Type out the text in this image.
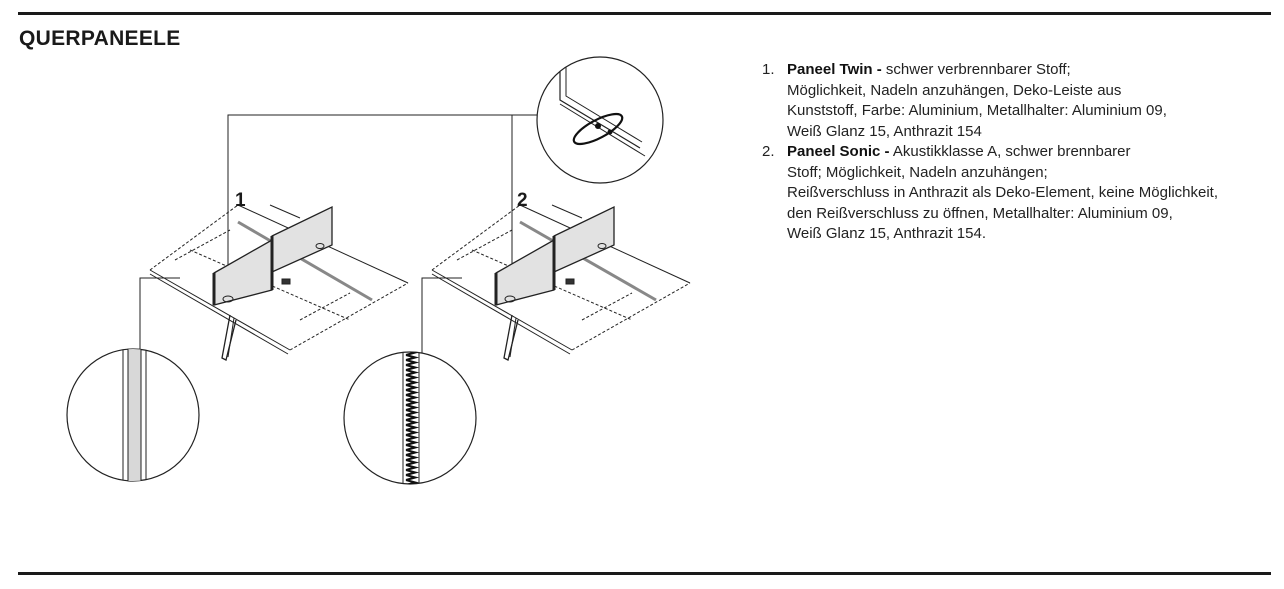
QUERPANEELE
1	2
1. Paneel Twin - schwer verbrennbarer Stoff;
Möglichkeit, Nadeln anzuhängen, Deko-Leiste aus
Kunststoff, Farbe: Aluminium, Metallhalter: Aluminium 09,
Weiß Glanz 15, Anthrazit 154
2. Paneel Sonic - Akustikklasse A, schwer brennbarer
Stoff; Möglichkeit, Nadeln anzuhängen;
Reißverschluss in Anthrazit als Deko-Element, keine Möglichkeit,
den Reißverschluss zu öffnen, Metallhalter: Aluminium 09,
Weiß Glanz 15, Anthrazit 154.
